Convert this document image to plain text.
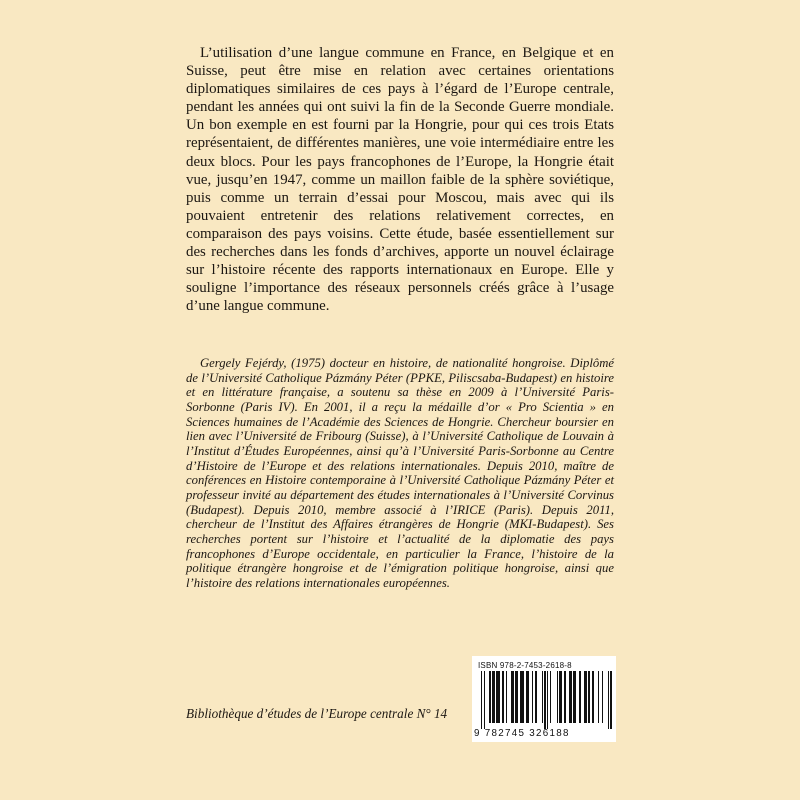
L’utilisation d’une langue commune en France, en Belgique et en Suisse, peut être mise en relation avec certaines orientations diplomatiques similaires de ces pays à l’égard de l’Europe centrale, pendant les années qui ont suivi la fin de la Seconde Guerre mondiale. Un bon exemple en est fourni par la Hongrie, pour qui ces trois Etats représentaient, de différentes manières, une voie intermédiaire entre les deux blocs. Pour les pays francophones de l’Europe, la Hongrie était vue, jusqu’en 1947, comme un maillon faible de la sphère soviétique, puis comme un terrain d’essai pour Moscou, mais avec qui ils pouvaient entretenir des relations relativement correctes, en comparaison des pays voisins. Cette étude, basée essentiellement sur des recherches dans les fonds d’archives, apporte un nouvel éclairage sur l’histoire récente des rapports internationaux en Europe. Elle y souligne l’importance des réseaux personnels créés grâce à l’usage d’une langue commune.

Gergely Fejérdy, (1975) docteur en histoire, de nationalité hongroise. Diplômé de l’Université Catholique Pázmány Péter (PPKE, Piliscsaba-Budapest) en histoire et en littérature française, a soutenu sa thèse en 2009 à l’Université Paris-Sorbonne (Paris IV). En 2001, il a reçu la médaille d’or « Pro Scientia » en Sciences humaines de l’Académie des Sciences de Hongrie. Chercheur boursier en lien avec l’Université de Fribourg (Suisse), à l’Université Catholique de Louvain à l’Institut d’Études Européennes, ainsi qu’à l’Université Paris-Sorbonne au Centre d’Histoire de l’Europe et des relations internationales. Depuis 2010, maître de conférences en Histoire contemporaine à l’Université Catholique Pázmány Péter et professeur invité au département des études internationales à l’Université Corvinus (Budapest). Depuis 2010, membre associé à l’IRICE (Paris). Depuis 2011, chercheur de l’Institut des Affaires étrangères de Hongrie (MKI-Budapest). Ses recherches portent sur l’histoire et l’actualité de la diplomatie des pays francophones d’Europe occidentale, en particulier la France, l’histoire de la politique étrangère hongroise et de l’émigration politique hongroise, ainsi que l’histoire des relations internationales européennes.

Bibliothèque d’études de l’Europe centrale N° 14

ISBN 978-2-7453-2618-8
9 782745 326188
